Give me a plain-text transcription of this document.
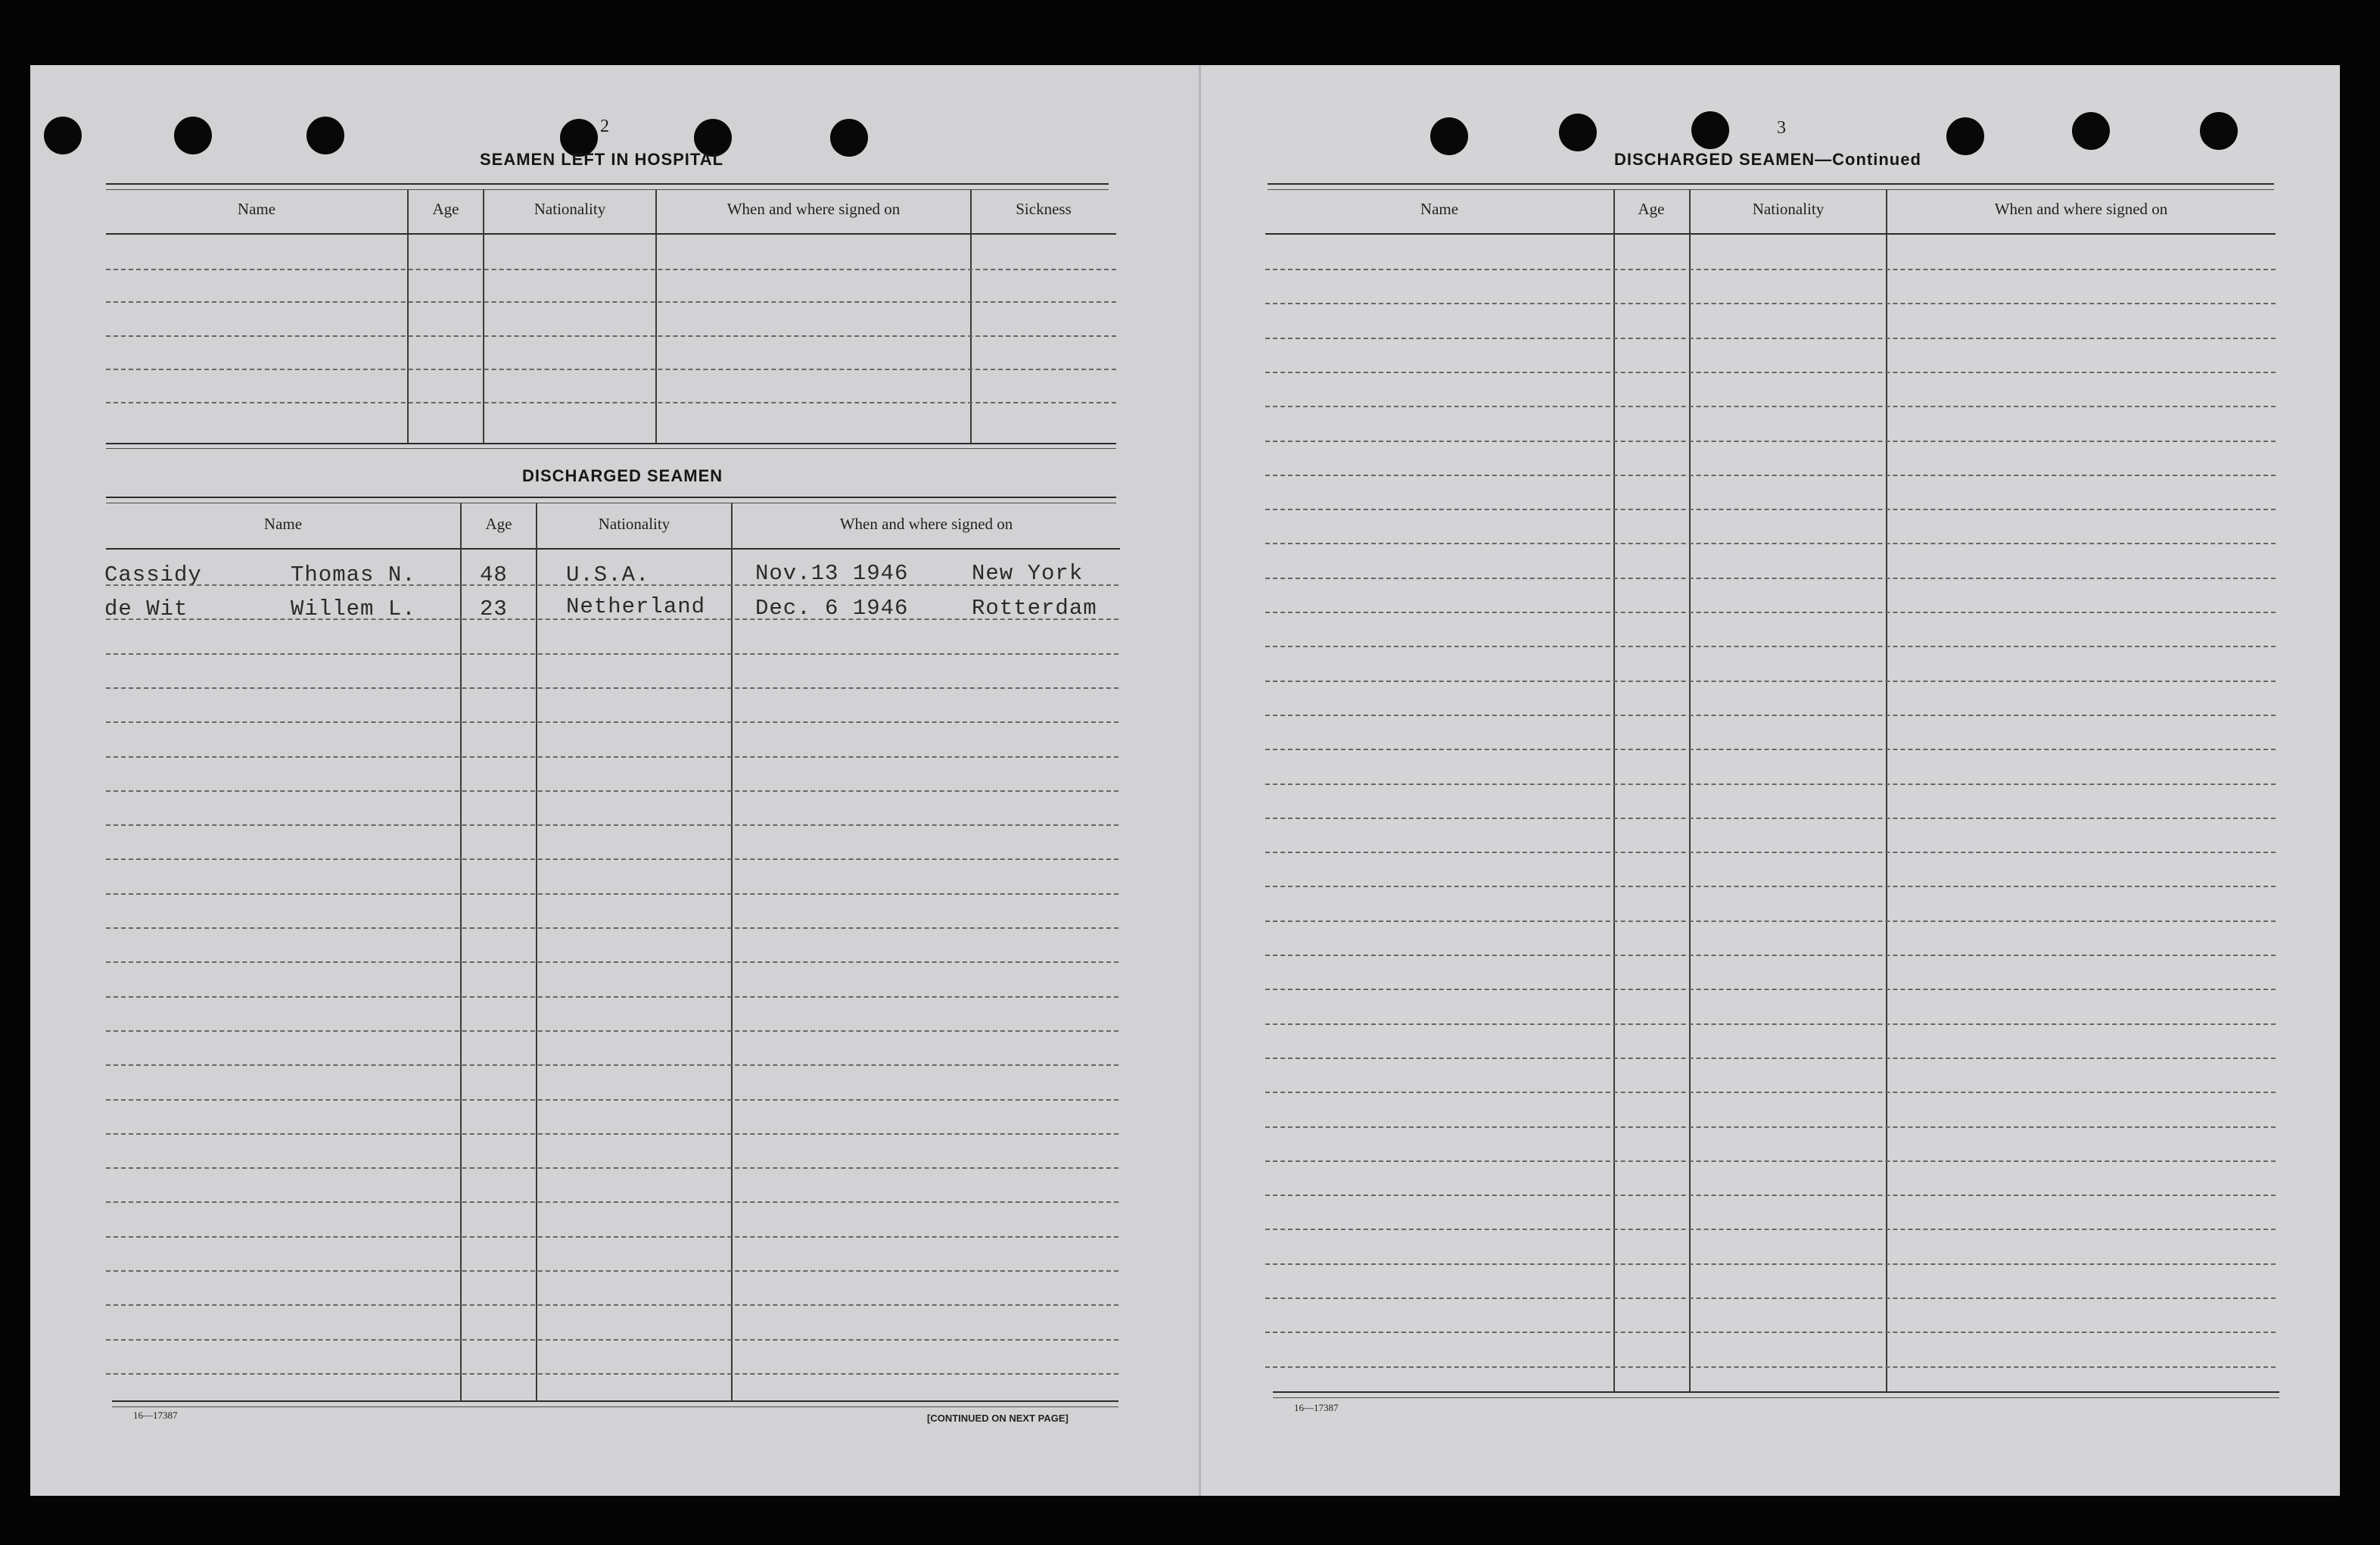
2
SEAMEN LEFT IN HOSPITAL
Name	Age	Nationality	When and where signed on	Sickness
DISCHARGED SEAMEN
Name	Age	Nationality	When and where signed on
Cassidy	Thomas N.	48	U.S.A.	Nov.13 1946	New York
de Wit	Willem L.	23	Netherland Dec. 6 1946	Rotterdam
16—17387	[CONTINUED ON NEXT PAGE]
3
DISCHARGED SEAMEN—Continued
Name	Age	Nationality	When and where signed on
16—17387
